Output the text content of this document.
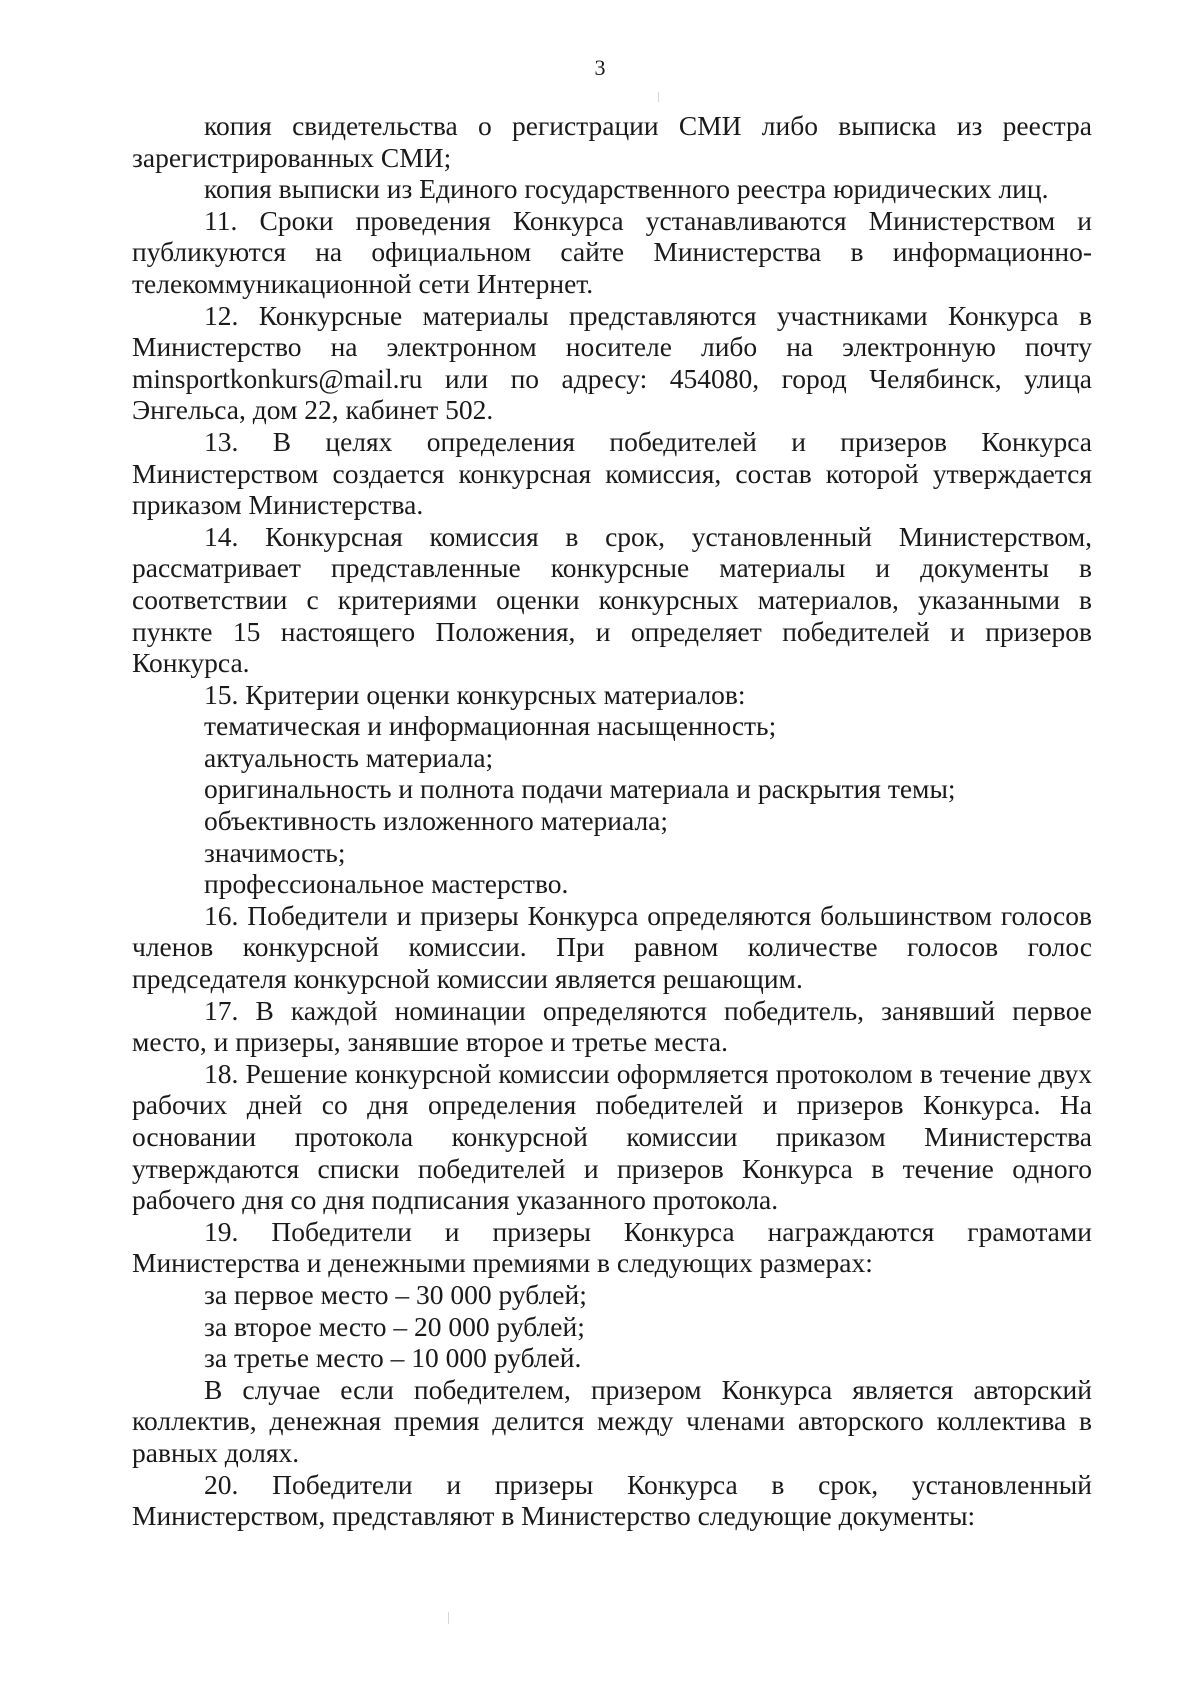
3

копия свидетельства о регистрации СМИ либо выписка из реестра зарегистрированных СМИ;

копия выписки из Единого государственного реестра юридических лиц.

11. Сроки проведения Конкурса устанавливаются Министерством и публикуются на официальном сайте Министерства в информационно-телекоммуникационной сети Интернет.

12. Конкурсные материалы представляются участниками Конкурса в Министерство на электронном носителе либо на электронную почту minsportkonkurs@mail.ru или по адресу: 454080, город Челябинск, улица Энгельса, дом 22, кабинет 502.

13. В целях определения победителей и призеров Конкурса Министерством создается конкурсная комиссия, состав которой утверждается приказом Министерства.

14. Конкурсная комиссия в срок, установленный Министерством, рассматривает представленные конкурсные материалы и документы в соответствии с критериями оценки конкурсных материалов, указанными в пункте 15 настоящего Положения, и определяет победителей и призеров Конкурса.

15. Критерии оценки конкурсных материалов:

тематическая и информационная насыщенность;

актуальность материала;

оригинальность и полнота подачи материала и раскрытия темы;

объективность изложенного материала;

значимость;

профессиональное мастерство.

16. Победители и призеры Конкурса определяются большинством голосов членов конкурсной комиссии. При равном количестве голосов голос председателя конкурсной комиссии является решающим.

17. В каждой номинации определяются победитель, занявший первое место, и призеры, занявшие второе и третье места.

18. Решение конкурсной комиссии оформляется протоколом в течение двух рабочих дней со дня определения победителей и призеров Конкурса. На основании протокола конкурсной комиссии приказом Министерства утверждаются списки победителей и призеров Конкурса в течение одного рабочего дня со дня подписания указанного протокола.

19. Победители и призеры Конкурса награждаются грамотами Министерства и денежными премиями в следующих размерах:

за первое место – 30 000 рублей;

за второе место – 20 000 рублей;

за третье место – 10 000 рублей.

В случае если победителем, призером Конкурса является авторский коллектив, денежная премия делится между членами авторского коллектива в равных долях.

20. Победители и призеры Конкурса в срок, установленный Министерством, представляют в Министерство следующие документы:
